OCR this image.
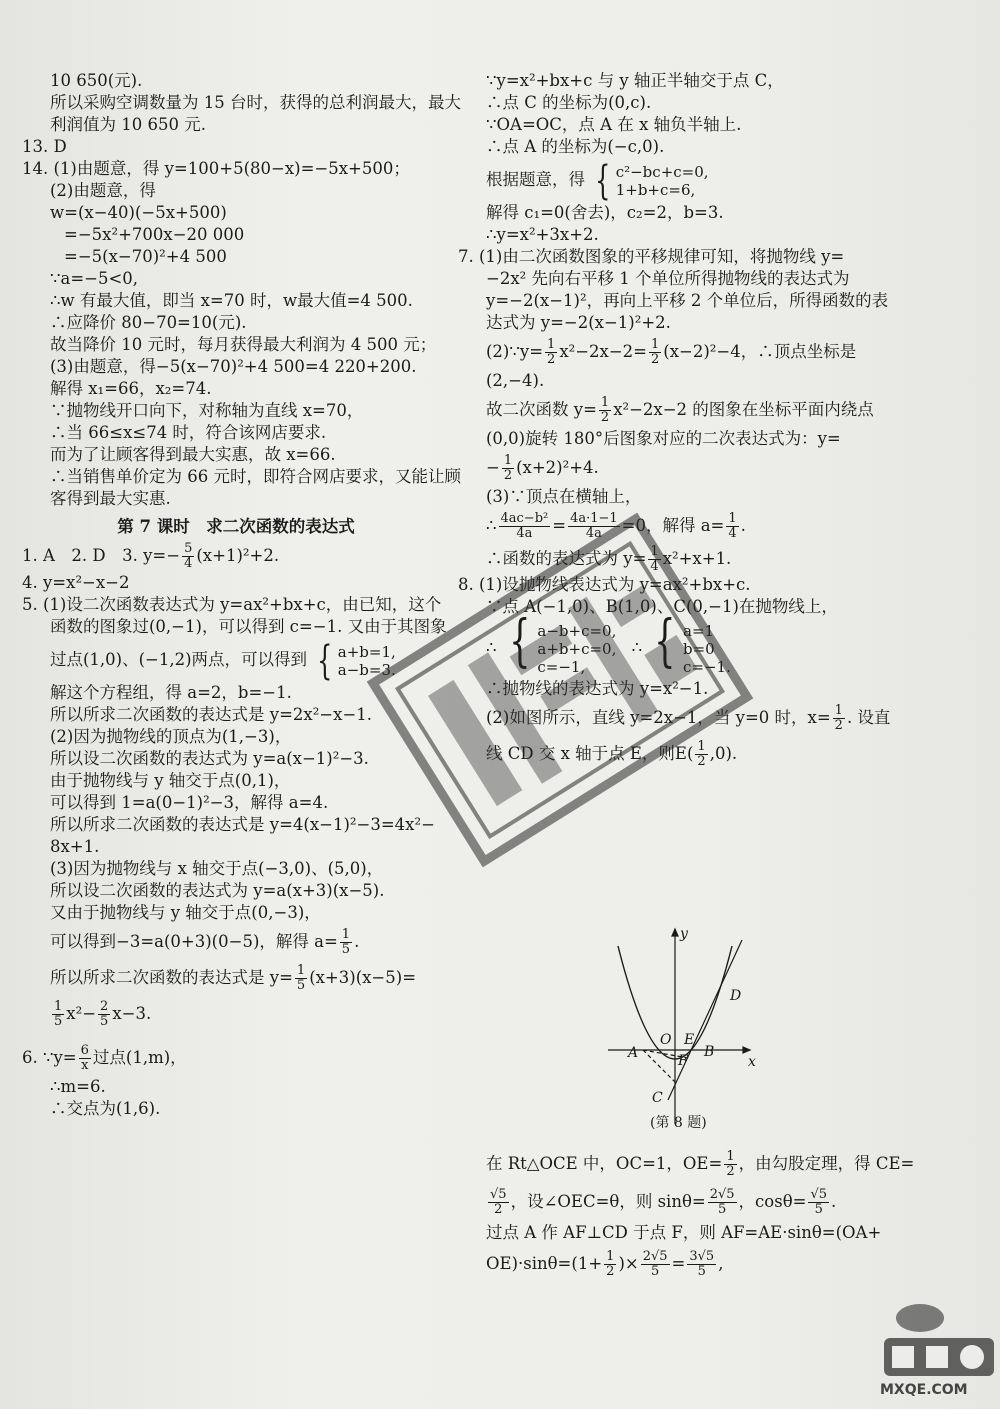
10 650(元).

所以采购空调数量为 15 台时，获得的总利润最大，最大

利润值为 10 650 元.

13. D

14. (1)由题意，得 y=100+5(80−x)=−5x+500；

(2)由题意，得

w=(x−40)(−5x+500)

=−5x²+700x−20 000

=−5(x−70)²+4 500

∵a=−5<0,

∴w 有最大值，即当 x=70 时，w最大值=4 500.

∴应降价 80−70=10(元).

故当降价 10 元时，每月获得最大利润为 4 500 元；

(3)由题意，得−5(x−70)²+4 500=4 220+200.

解得 x₁=66，x₂=74.

∵抛物线开口向下，对称轴为直线 x=70，

∴当 66≤x≤74 时，符合该网店要求.

而为了让顾客得到最大实惠，故 x=66.

∴当销售单价定为 66 元时，即符合网店要求，又能让顾

客得到最大实惠.

第 7 课时　求二次函数的表达式

1. A　2. D　3. $y=- \frac{5}{4} (x+1)^2+2$.

4. y=x²−x−2

5. (1)设二次函数表达式为 y=ax²+bx+c，由已知，这个

函数的图象过(0,−1)，可以得到 c=−1. 又由于其图象

过点(1,0)、(−1,2)两点，可以得到 { a+b=1,
a−b=3.

解这个方程组，得 a=2，b=−1.

所以所求二次函数的表达式是 y=2x²−x−1.

(2)因为抛物线的顶点为(1,−3)，

所以设二次函数的表达式为 y=a(x−1)²−3.

由于抛物线与 y 轴交于点(0,1)，

可以得到 1=a(0−1)²−3，解得 a=4.

所以所求二次函数的表达式是 y=4(x−1)²−3=4x²−

8x+1.

(3)因为抛物线与 x 轴交于点(−3,0)、(5,0)，

所以设二次函数的表达式为 y=a(x+3)(x−5).

又由于抛物线与 y 轴交于点(0,−3)，

可以得到−3=a(0+3)(0−5)，解得 $a= \frac{1}{5}$ .

所以所求二次函数的表达式是 $y= \frac{1}{5} (x+3)(x-5)=$

$\frac{1}{5} x^2- \frac{2}{5} x-3$.

6. ∵y= $\frac{6}{x}$ 过点(1,m)，

∴m=6.

∴交点为(1,6).

∵y=x²+bx+c 与 y 轴正半轴交于点 C，

∴点 C 的坐标为(0,c).

∵OA=OC，点 A 在 x 轴负半轴上.

∴点 A 的坐标为(−c,0).

根据题意，得 { c²−bc+c=0,
1+b+c=6,

解得 c₁=0(舍去)，c₂=2，b=3.

∴y=x²+3x+2.

7. (1)由二次函数图象的平移规律可知，将抛物线 y=

−2x² 先向右平移 1 个单位所得抛物线的表达式为

y=−2(x−1)²，再向上平移 2 个单位后，所得函数的表

达式为 y=−2(x−1)²+2.

(2)∵y= $\frac{1}{2} x^2-2x-2= \frac{1}{2} (x-2)^2-4$，∴顶点坐标是

(2,−4).

故二次函数 $y= \frac{1}{2} x^2-2x-2$ 的图象在坐标平面内绕点

(0,0)旋转 180°后图象对应的二次表达式为：y=

− $\frac{1}{2} (x+2)^2+4$.

(3)∵顶点在横轴上，

∴ $\frac{\text{4ac−b²}}{4a} = \frac{4a\cdot 1-1}{4a} =0$，解得 $a= \frac{1}{4}$ .

∴函数的表达式为 $y= \frac{1}{4} x^2+x+1$.

8. (1)设抛物线表达式为 y=ax²+bx+c.

∵点 A(−1,0)、B(1,0)、C(0,−1)在抛物线上，

∴ { a−b+c=0,
a+b+c=0,
c=−1,
∴ { a=1
b=0
c=−1.

∴抛物线的表达式为 y=x²−1.

(2)如图所示，直线 y=2x−1，当 y=0 时，$x= \frac{1}{2}$ . 设直

线 CD 交 x 轴于点 E，则$E( \frac{1}{2} ,0)$.

y
x
O E
A	F
B
C
D
(第 8 题)

在 Rt△OCE 中，OC=1，$OE= \frac{1}{2}$ ，由勾股定理，得 CE=

$\frac{√5}{2}$ ，设∠OEC=θ，则 $\sin\theta= \frac{2√5}{5}$ ，$\cos\theta= \frac{√5}{5}$ .

过点 A 作 AF⊥CD 于点 F，则 AF=AE·sinθ=(OA+

$OE)\cdot\sin\theta=(1+ \frac{1}{2}$ )× $\frac{2√5}{5} = \frac{3√5}{5}$ ,

MXQE.COM
